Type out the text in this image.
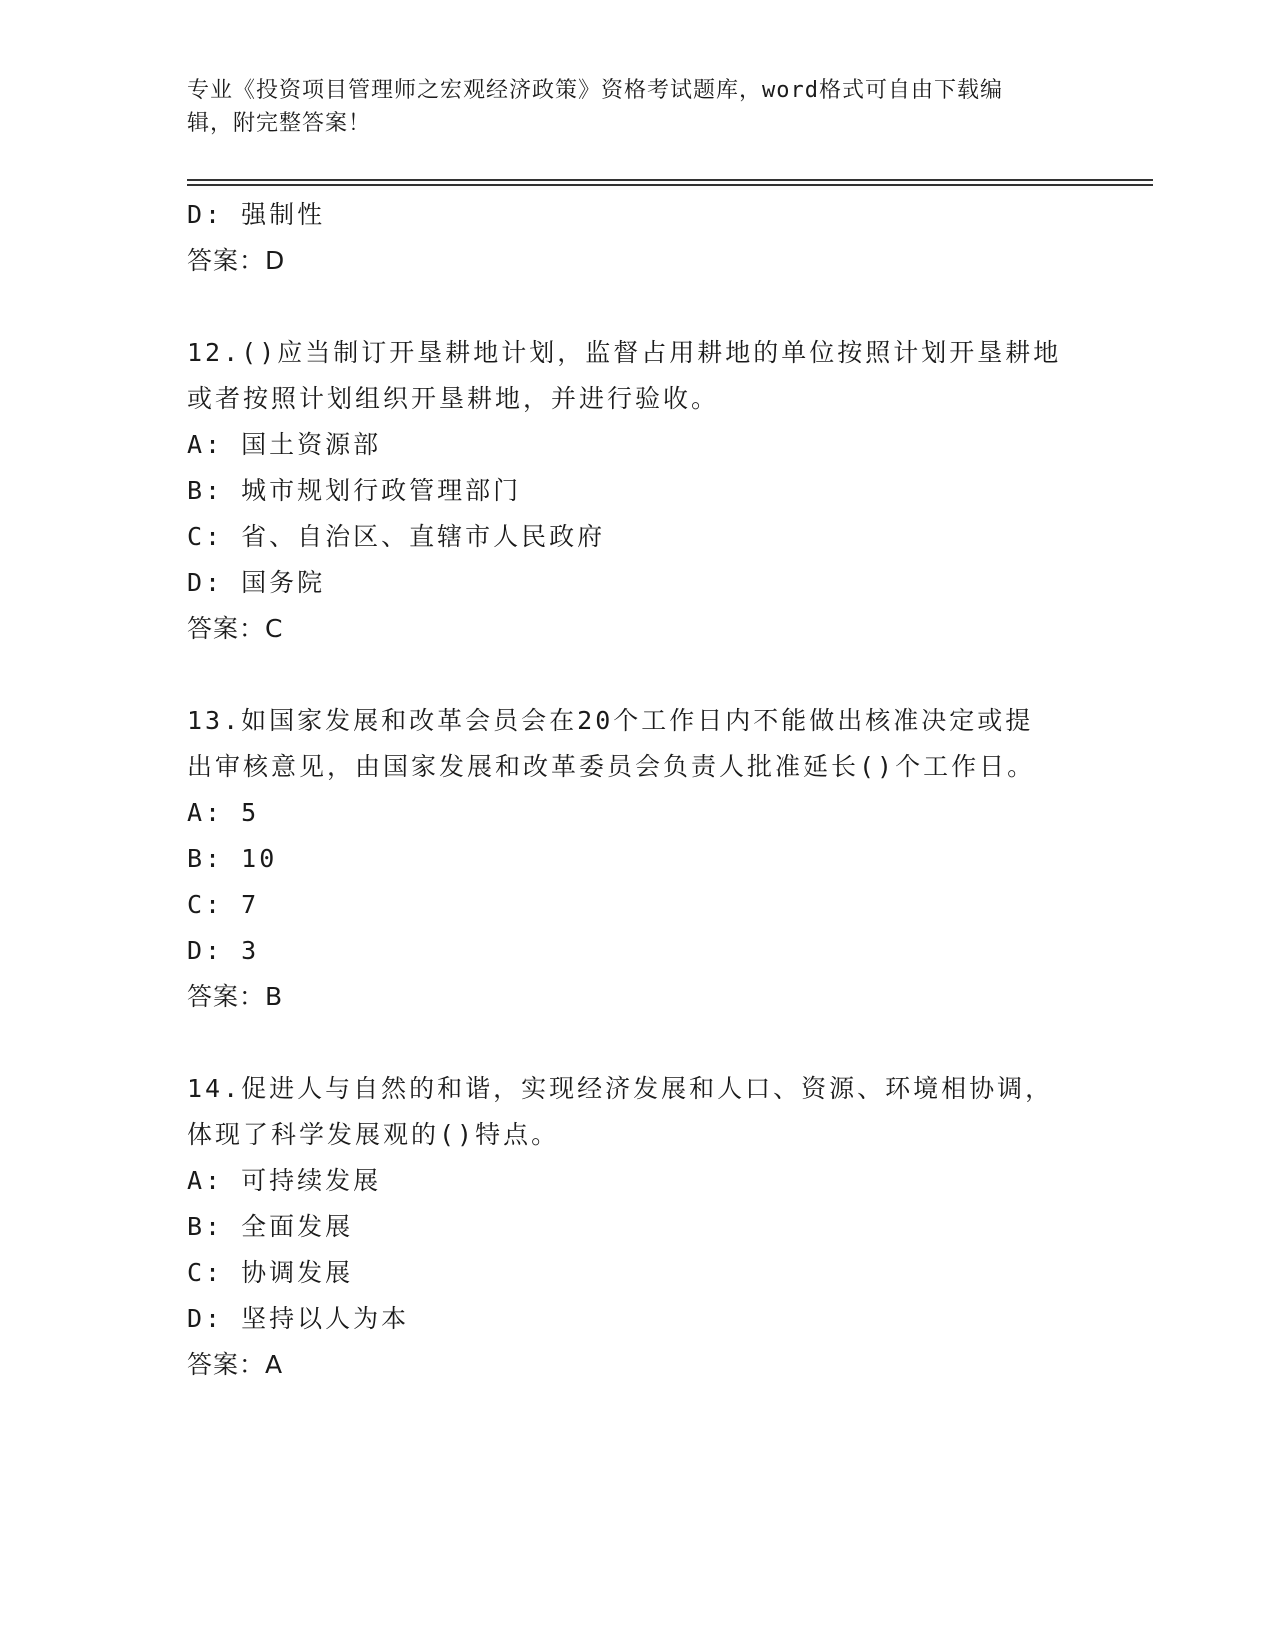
专业《投资项目管理师之宏观经济政策》资格考试题库，word格式可自由下载编
辑，附完整答案！
D: 强制性
答案：D
12.()应当制订开垦耕地计划，监督占用耕地的单位按照计划开垦耕地
或者按照计划组织开垦耕地，并进行验收。
A: 国土资源部
B: 城市规划行政管理部门
C: 省、自治区、直辖市人民政府
D: 国务院
答案：C
13.如国家发展和改革会员会在20个工作日内不能做出核准决定或提
出审核意见，由国家发展和改革委员会负责人批准延长()个工作日。
A: 5
B: 10
C: 7
D: 3
答案：B
14.促进人与自然的和谐，实现经济发展和人口、资源、环境相协调，
体现了科学发展观的()特点。
A: 可持续发展
B: 全面发展
C: 协调发展
D: 坚持以人为本
答案：A
